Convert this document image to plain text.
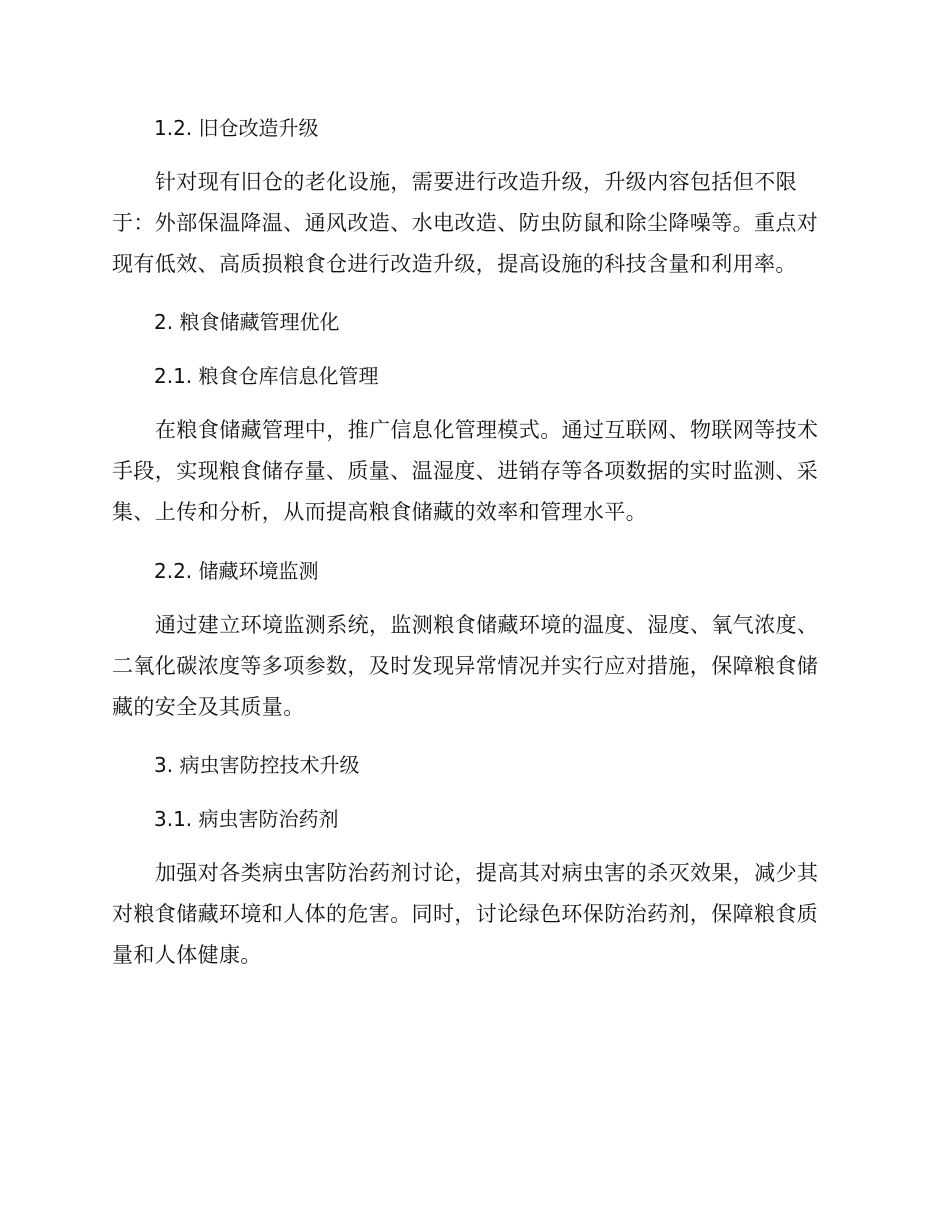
1.2. 旧仓改造升级
针对现有旧仓的老化设施，需要进行改造升级，升级内容包括但不限
于：外部保温降温、通风改造、水电改造、防虫防鼠和除尘降噪等。重点对
现有低效、高质损粮食仓进行改造升级，提高设施的科技含量和利用率。
2. 粮食储藏管理优化
2.1. 粮食仓库信息化管理
在粮食储藏管理中，推广信息化管理模式。通过互联网、物联网等技术
手段，实现粮食储存量、质量、温湿度、进销存等各项数据的实时监测、采
集、上传和分析，从而提高粮食储藏的效率和管理水平。
2.2. 储藏环境监测
通过建立环境监测系统，监测粮食储藏环境的温度、湿度、氧气浓度、
二氧化碳浓度等多项参数，及时发现异常情况并实行应对措施，保障粮食储
藏的安全及其质量。
3. 病虫害防控技术升级
3.1. 病虫害防治药剂
加强对各类病虫害防治药剂讨论，提高其对病虫害的杀灭效果，减少其
对粮食储藏环境和人体的危害。同时，讨论绿色环保防治药剂，保障粮食质
量和人体健康。
